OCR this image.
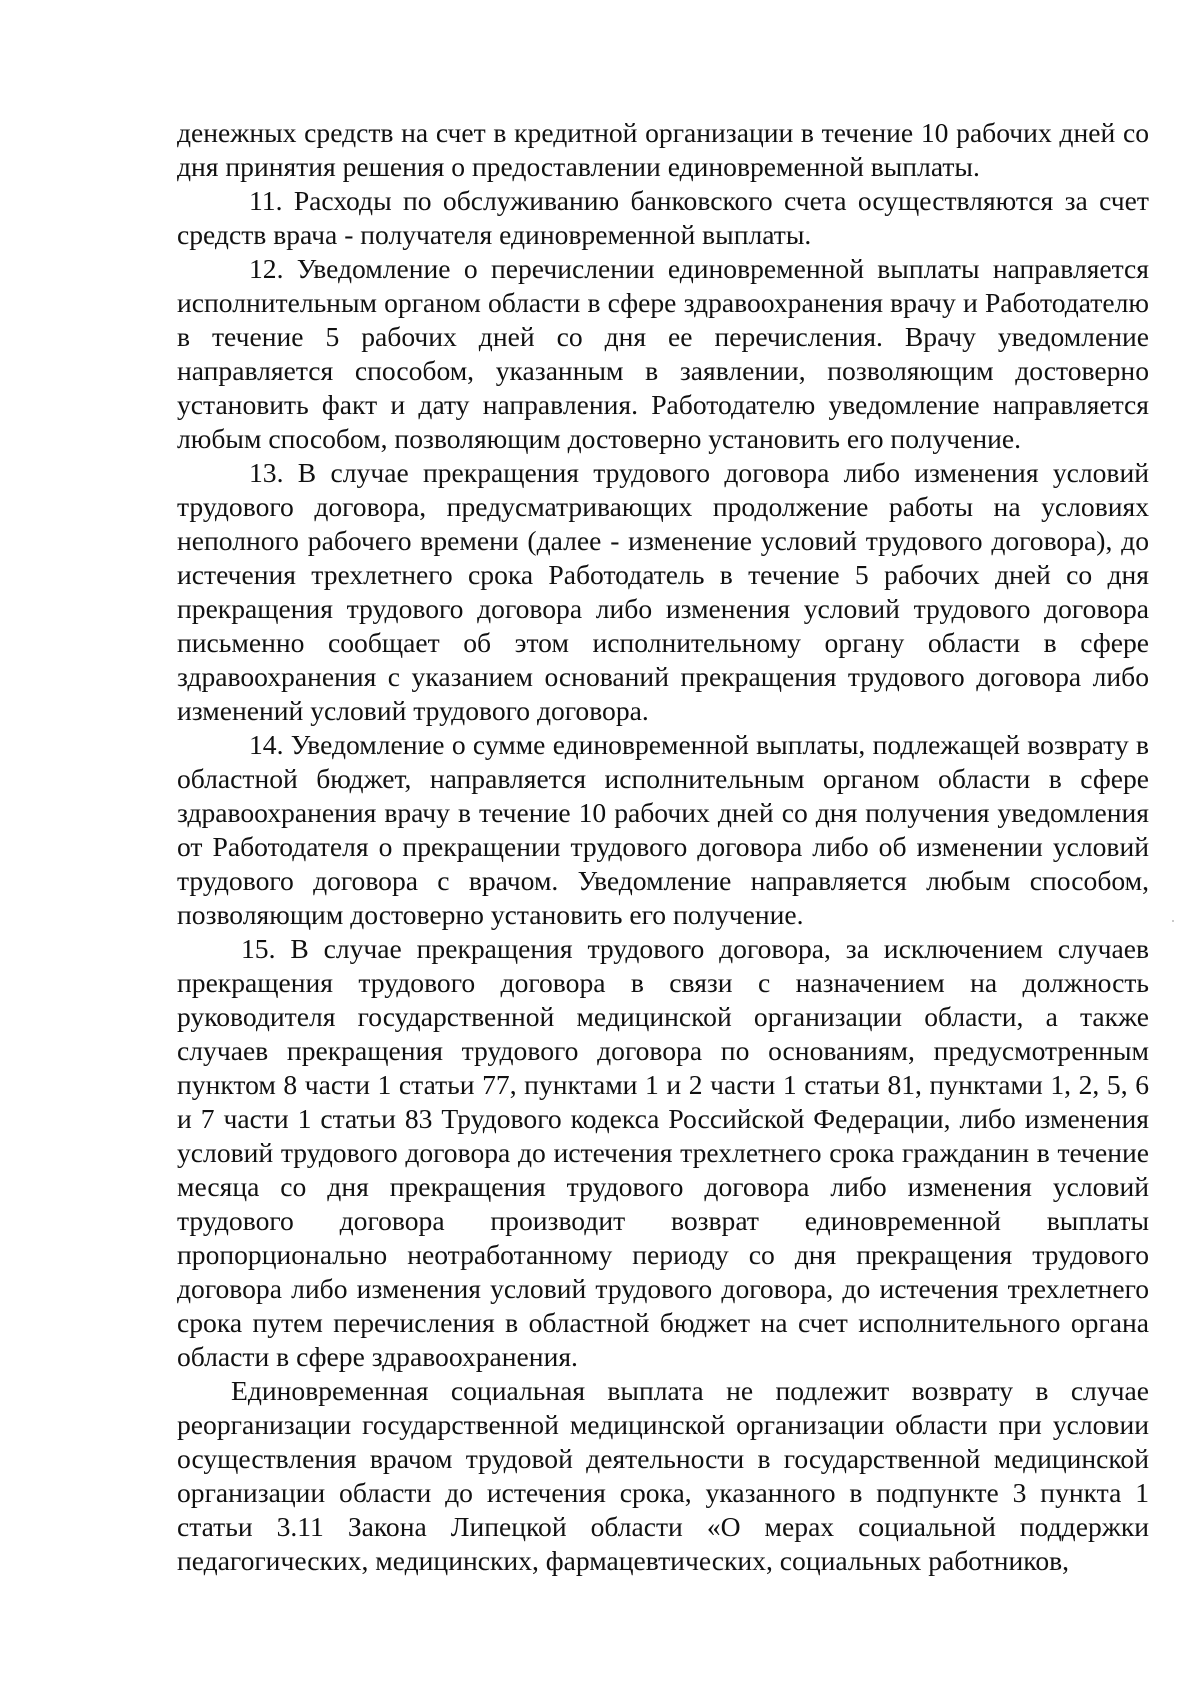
денежных средств на счет в кредитной организации в течение 10 рабочих дней со дня принятия решения о предоставлении единовременной выплаты.

11. Расходы по обслуживанию банковского счета осуществляются за счет средств врача - получателя единовременной выплаты.

12. Уведомление о перечислении единовременной выплаты направляется исполнительным органом области в сфере здравоохранения врачу и Работодателю в течение 5 рабочих дней со дня ее перечисления. Врачу уведомление направляется способом, указанным в заявлении, позволяющим достоверно установить факт и дату направления. Работодателю уведомление направляется любым способом, позволяющим достоверно установить его получение.

13. В случае прекращения трудового договора либо изменения условий трудового договора, предусматривающих продолжение работы на условиях неполного рабочего времени (далее - изменение условий трудового договора), до истечения трехлетнего срока Работодатель в течение 5 рабочих дней со дня прекращения трудового договора либо изменения условий трудового договора письменно сообщает об этом исполнительному органу области в сфере здравоохранения с указанием оснований прекращения трудового договора либо изменений условий трудового договора.

14. Уведомление о сумме единовременной выплаты, подлежащей возврату в областной бюджет, направляется исполнительным органом области в сфере здравоохранения врачу в течение 10 рабочих дней со дня получения уведомления от Работодателя о прекращении трудового договора либо об изменении условий трудового договора с врачом. Уведомление направляется любым способом, позволяющим достоверно установить его получение.

15. В случае прекращения трудового договора, за исключением случаев прекращения трудового договора в связи с назначением на должность руководителя государственной медицинской организации области, а также случаев прекращения трудового договора по основаниям, предусмотренным пунктом 8 части 1 статьи 77, пунктами 1 и 2 части 1 статьи 81, пунктами 1, 2, 5, 6 и 7 части 1 статьи 83 Трудового кодекса Российской Федерации, либо изменения условий трудового договора до истечения трехлетнего срока гражданин в течение месяца со дня прекращения трудового договора либо изменения условий трудового договора производит возврат единовременной выплаты пропорционально неотработанному периоду со дня прекращения трудового договора либо изменения условий трудового договора, до истечения трехлетнего срока путем перечисления в областной бюджет на счет исполнительного органа области в сфере здравоохранения.

Единовременная социальная выплата не подлежит возврату в случае реорганизации государственной медицинской организации области при условии осуществления врачом трудовой деятельности в государственной медицинской организации области до истечения срока, указанного в подпункте 3 пункта 1 статьи 3.11 Закона Липецкой области «О мерах социальной поддержки педагогических, медицинских, фармацевтических, социальных работников,
